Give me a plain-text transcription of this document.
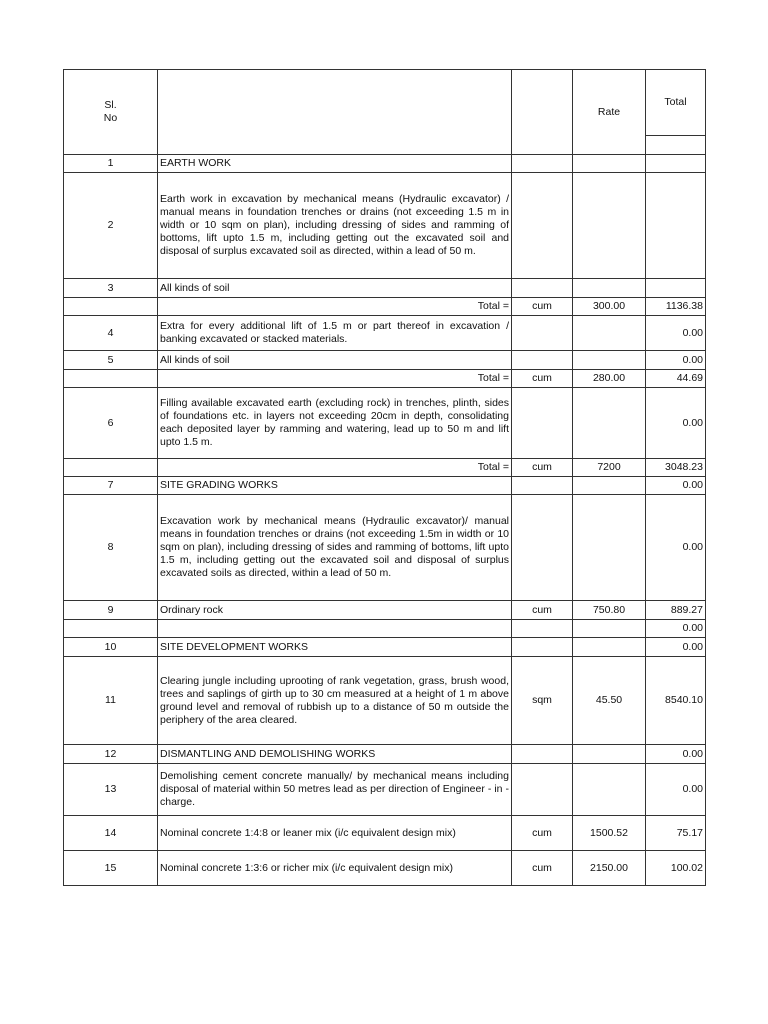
Sl.
No			Rate	Total

1	EARTH WORK			
2	Earth work in excavation by mechanical means (Hydraulic excavator) / manual means in foundation trenches or drains (not exceeding 1.5 m in width or 10 sqm on plan), including dressing of sides and ramming of bottoms, lift upto 1.5 m, including getting out the excavated soil and disposal of surplus excavated soil as directed, within a lead of 50 m.			
3	All kinds of soil			
	Total =	cum	300.00	1136.38
4	Extra for every additional lift of 1.5 m or part thereof in excavation / banking excavated or stacked materials.			0.00
5	All kinds of soil			0.00
	Total =	cum	280.00	44.69
6	Filling available excavated earth (excluding rock) in trenches, plinth, sides of foundations etc. in layers not exceeding 20cm in depth, consolidating each deposited layer by ramming and watering, lead up to 50 m and lift upto 1.5 m.			0.00
	Total =	cum	7200	3048.23
7	SITE GRADING WORKS			0.00
8	Excavation work by mechanical means (Hydraulic excavator)/ manual means in foundation trenches or drains (not exceeding 1.5m in width or 10 sqm on plan), including dressing of sides and ramming of bottoms, lift upto 1.5 m, including getting out the excavated soil and disposal of surplus excavated soils as directed, within a lead of 50 m.			0.00
9	Ordinary rock	cum	750.80	889.27
				0.00
10	SITE DEVELOPMENT WORKS			0.00
11	Clearing jungle including uprooting of rank vegetation, grass, brush wood, trees and saplings of girth up to 30 cm measured at a height of 1 m above ground level and removal of rubbish up to a distance of 50 m outside the periphery of the area cleared.	sqm	45.50	8540.10
12	DISMANTLING AND DEMOLISHING WORKS			0.00
13	Demolishing cement concrete manually/ by mechanical means including disposal of material within 50 metres lead as per direction of Engineer - in - charge.			0.00
14	Nominal concrete 1:4:8 or leaner mix (i/c equivalent design mix)	cum	1500.52	75.17
15	Nominal concrete 1:3:6 or richer mix (i/c equivalent design mix)	cum	2150.00	100.02
